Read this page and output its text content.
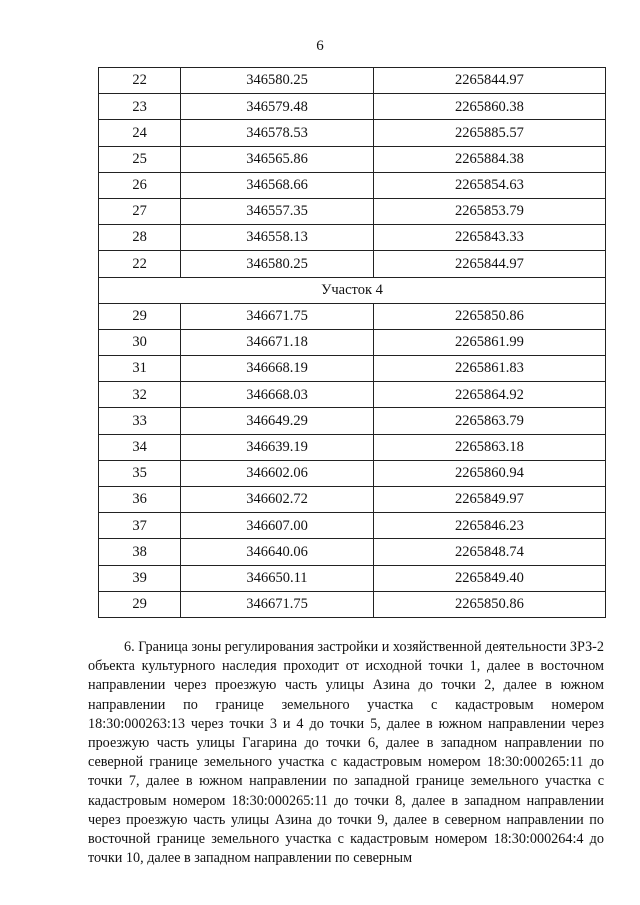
6
22	346580.25	2265844.97
23	346579.48	2265860.38
24	346578.53	2265885.57
25	346565.86	2265884.38
26	346568.66	2265854.63
27	346557.35	2265853.79
28	346558.13	2265843.33
22	346580.25	2265844.97
Участок 4		
29	346671.75	2265850.86
30	346671.18	2265861.99
31	346668.19	2265861.83
32	346668.03	2265864.92
33	346649.29	2265863.79
34	346639.19	2265863.18
35	346602.06	2265860.94
36	346602.72	2265849.97
37	346607.00	2265846.23
38	346640.06	2265848.74
39	346650.11	2265849.40
29	346671.75	2265850.86
6. Граница зоны регулирования застройки и хозяйственной деятельности ЗРЗ-2 объекта культурного наследия проходит от исходной точки 1, далее в восточном направлении через проезжую часть улицы Азина до точки 2, далее в южном направлении по границе земельного участка с кадастровым номером 18:30:000263:13 через точки 3 и 4 до точки 5, далее в южном направлении через проезжую часть улицы Гагарина до точки 6, далее в западном направлении по северной границе земельного участка с кадастровым номером 18:30:000265:11 до точки 7, далее в южном направлении по западной границе земельного участка с кадастровым номером 18:30:000265:11 до точки 8, далее в западном направлении через проезжую часть улицы Азина до точки 9, далее в северном направлении по восточной границе земельного участка с кадастровым номером 18:30:000264:4 до точки 10, далее в западном направлении по северным
